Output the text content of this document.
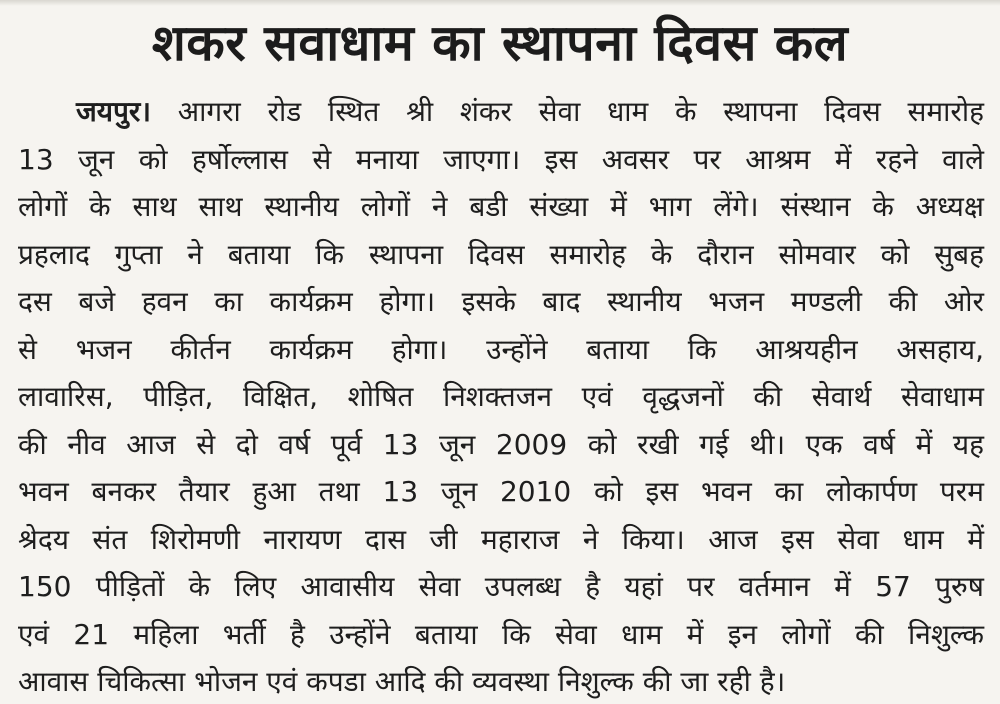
शकर सवाधाम का स्थापना दिवस कल
जयपुर। आगरा रोड स्थित श्री शंकर सेवा धाम के स्थापना दिवस समारोह
13 जून को हर्षोल्लास से मनाया जाएगा। इस अवसर पर आश्रम में रहने वाले
लोगों के साथ साथ स्थानीय लोगों ने बडी संख्या में भाग लेंगे। संस्थान के अध्यक्ष
प्रहलाद गुप्ता ने बताया कि स्थापना दिवस समारोह के दौरान सोमवार को सुबह
दस बजे हवन का कार्यक्रम होगा। इसके बाद स्थानीय भजन मण्डली की ओर
से भजन कीर्तन कार्यक्रम होगा। उन्होंने बताया कि आश्रयहीन असहाय,
लावारिस, पीड़ित, विक्षित, शोषित निशक्तजन एवं वृद्धजनों की सेवार्थ सेवाधाम
की नीव आज से दो वर्ष पूर्व 13 जून 2009 को रखी गई थी। एक वर्ष में यह
भवन बनकर तैयार हुआ तथा 13 जून 2010 को इस भवन का लोकार्पण परम
श्रेदय संत शिरोमणी नारायण दास जी महाराज ने किया। आज इस सेवा धाम में
150 पीड़ितों के लिए आवासीय सेवा उपलब्ध है यहां पर वर्तमान में 57 पुरुष
एवं 21 महिला भर्ती है उन्होंने बताया कि सेवा धाम में इन लोगों की निशुल्क
आवास चिकित्सा भोजन एवं कपडा आदि की व्यवस्था निशुल्क की जा रही है।
